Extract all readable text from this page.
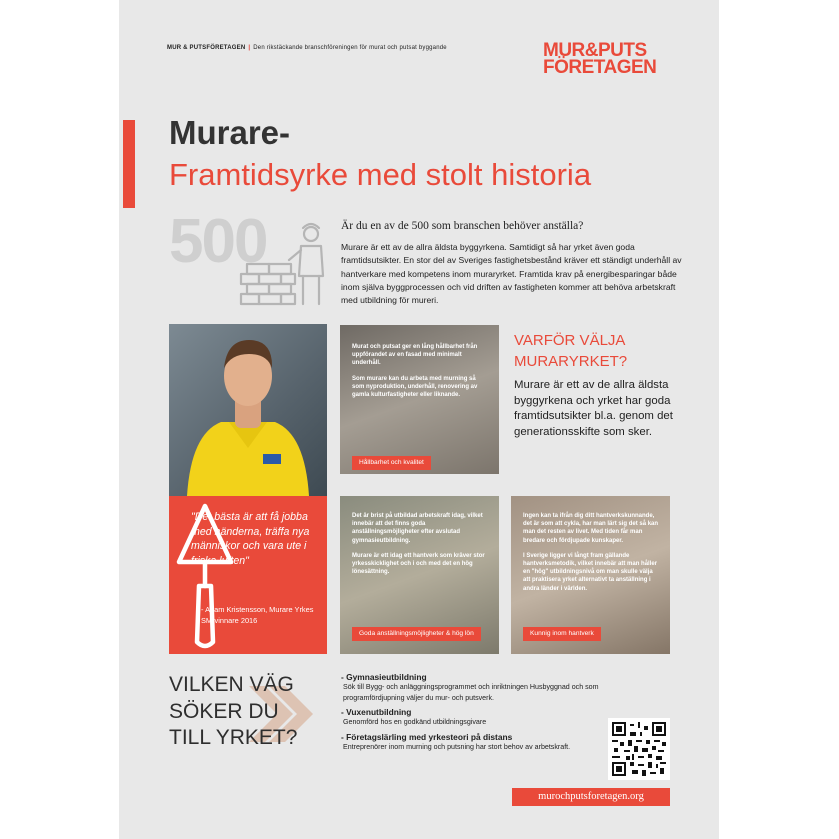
MUR & PUTSFÖRETAGEN | Den rikstäckande branschföreningen för murat och putsat byggande	MUR&PUTS
FÖRETAGEN
Murare-
Framtidsyrke med stolt historia
500	Är du en av de 500 som branschen behöver anställa?
Murare är ett av de allra äldsta byggyrkena. Samtidigt så har yrket även goda framtidsutsikter. En stor del av Sveriges fastighetsbestånd kräver ett ständigt underhåll av hantverkare med kompetens inom muraryrket. Framtida krav på energibesparingar både inom själva byggprocessen och vid driften av fastigheten kommer att behöva arbetskraft med utbildning för mureri.

Murat och putsat ger en lång hållbarhet från uppförandet av en fasad med minimalt underhåll.

Som murare kan du arbeta med murning så som nyproduktion, underhåll, renovering av gamla kulturfastigheter eller liknande.

Hållbarhet och kvalitet
VARFÖR VÄLJA MURARYRKET?
Murare är ett av de allra äldsta byggyrkena och yrket har goda framtidsutsikter bl.a. genom det generationsskifte som sker.
"Det bästa är att få jobba med händerna, träffa nya människor och vara ute i friska luften"
- Adam Kristensson, Murare Yrkes SM-vinnare 2016

Det är brist på utbildad arbetskraft idag, vilket innebär att det finns goda anställningsmöjligheter efter avslutad gymnasieutbildning.

Murare är ett idag ett hantverk som kräver stor yrkesskicklighet och i och med det en hög lönesättning.

Goda anställningsmöjligheter & hög lön

Ingen kan ta ifrån dig ditt hantverkskunnande, det är som att cykla, har man lärt sig det så kan man det resten av livet. Med tiden får man bredare och fördjupade kunskaper.

I Sverige ligger vi långt fram gällande hantverksmetodik, vilket innebär att man håller en "hög" utbildningsnivå om man skulle välja att praktisera yrket alternativt ta anställning i andra länder i världen.

Kunnig inom hantverk
VILKEN VÄG SÖKER DU TILL YRKET?
- Gymnasieutbildning
Sök till Bygg- och anläggningsprogrammet och inriktningen Husbyggnad och som programfördjupning väljer du mur- och putsverk.
- Vuxenutbildning
Genomförd hos en godkänd utbildningsgivare
- Företagslärling med yrkesteori på distans
Entreprenörer inom murning och putsning har stort behov av arbetskraft.
murochputsforetagen.org
